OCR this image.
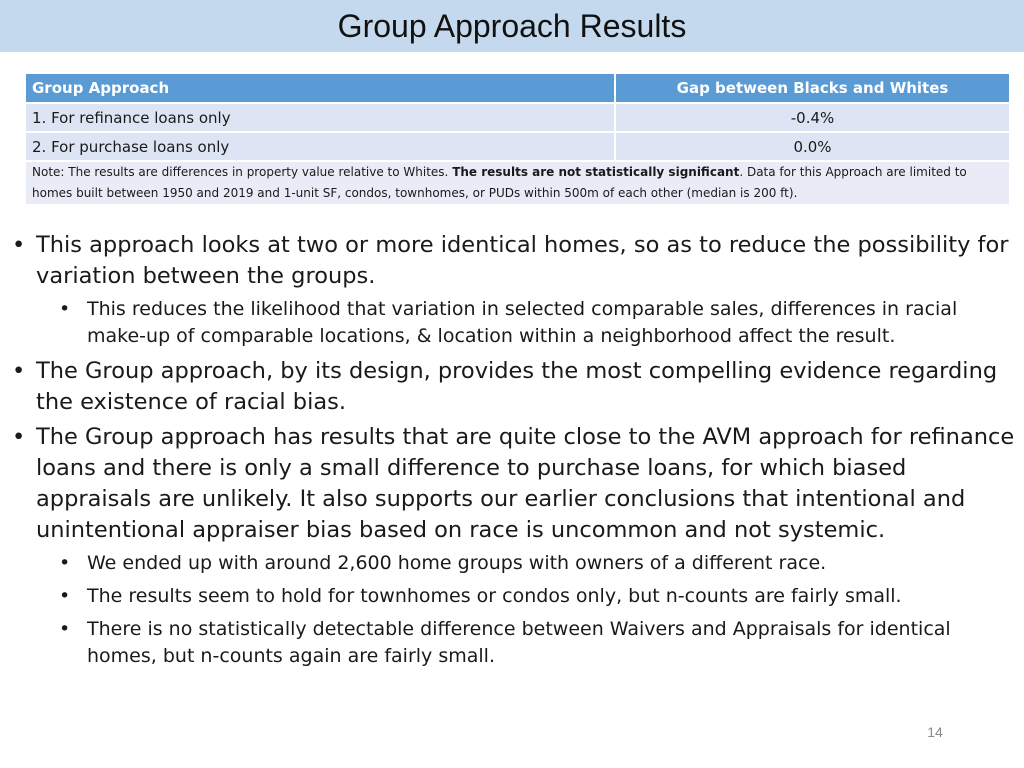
Group Approach Results
Group Approach	Gap between Blacks and Whites
1. For refinance loans only	-0.4%
2. For purchase loans only	0.0%
Note: The results are differences in property value relative to Whites. The results are not statistically significant. Data for this Approach are limited to homes built between 1950 and 2019 and 1-unit SF, condos, townhomes, or PUDs within 500m of each other (median is 200 ft).	
• This approach looks at two or more identical homes, so as to reduce the possibility for variation between the groups.
• This reduces the likelihood that variation in selected comparable sales, differences in racial make-up of comparable locations, & location within a neighborhood affect the result.
• The Group approach, by its design, provides the most compelling evidence regarding the existence of racial bias.
• The Group approach has results that are quite close to the AVM approach for refinance loans and there is only a small difference to purchase loans, for which biased appraisals are unlikely. It also supports our earlier conclusions that intentional and unintentional appraiser bias based on race is uncommon and not systemic.
• We ended up with around 2,600 home groups with owners of a different race.
• The results seem to hold for townhomes or condos only, but n-counts are fairly small.
• There is no statistically detectable difference between Waivers and Appraisals for identical homes, but n-counts again are fairly small.
14
